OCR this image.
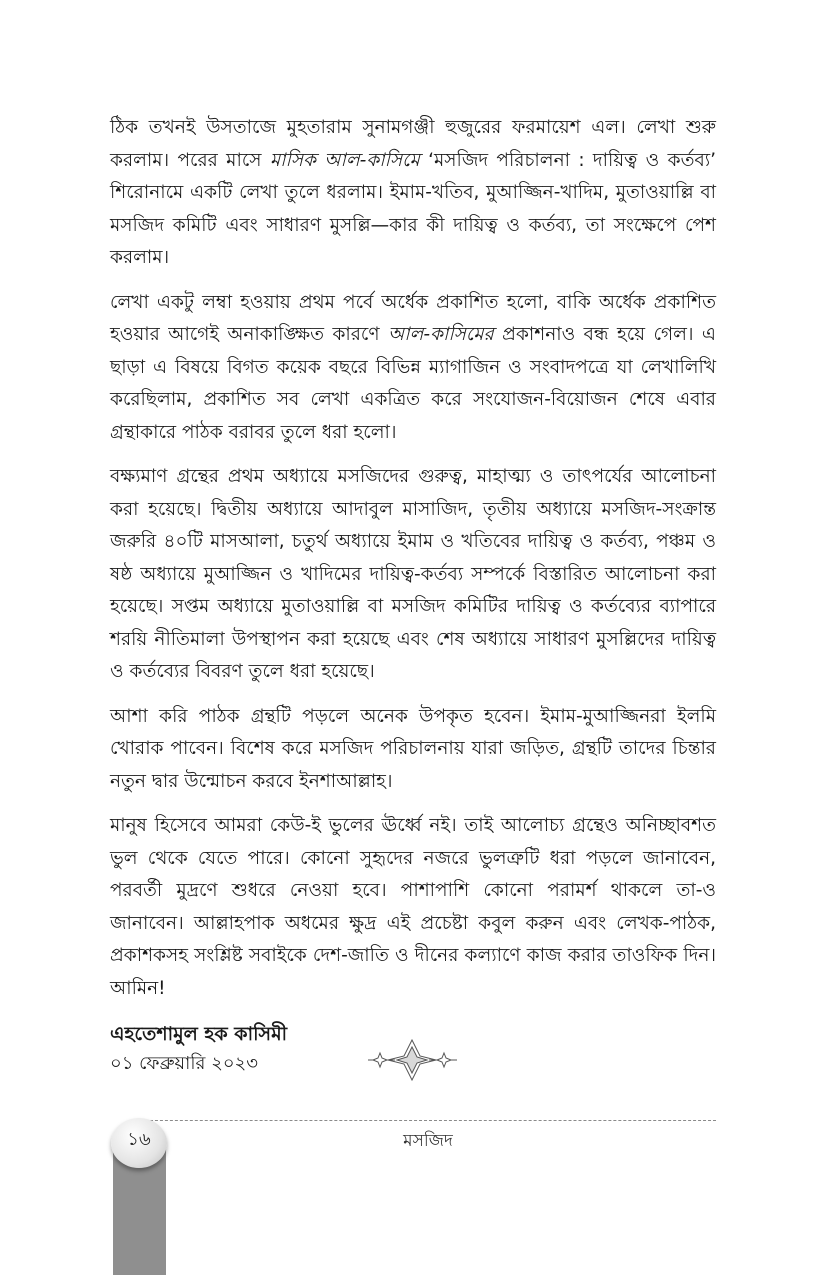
ঠিক তখনই উসতাজে মুহতারাম সুনামগঞ্জী হুজুরের ফরমায়েশ এল। লেখা শুরু করলাম। পরের মাসে মাসিক আল-কাসিমে ‘মসজিদ পরিচালনা : দায়িত্ব ও কর্তব্য’ শিরোনামে একটি লেখা তুলে ধরলাম। ইমাম-খতিব, মুআজ্জিন-খাদিম, মুতাওয়াল্লি বা মসজিদ কমিটি এবং সাধারণ মুসল্লি—কার কী দায়িত্ব ও কর্তব্য, তা সংক্ষেপে পেশ করলাম।

লেখা একটু লম্বা হওয়ায় প্রথম পর্বে অর্ধেক প্রকাশিত হলো, বাকি অর্ধেক প্রকাশিত হওয়ার আগেই অনাকাঙ্ক্ষিত কারণে আল-কাসিমের প্রকাশনাও বন্ধ হয়ে গেল। এ ছাড়া এ বিষয়ে বিগত কয়েক বছরে বিভিন্ন ম্যাগাজিন ও সংবাদপত্রে যা লেখালিখি করেছিলাম, প্রকাশিত সব লেখা একত্রিত করে সংযোজন-বিয়োজন শেষে এবার গ্রন্থাকারে পাঠক বরাবর তুলে ধরা হলো।

বক্ষ্যমাণ গ্রন্থের প্রথম অধ্যায়ে মসজিদের গুরুত্ব, মাহাত্ম্য ও তাৎপর্যের আলোচনা করা হয়েছে। দ্বিতীয় অধ্যায়ে আদাবুল মাসাজিদ, তৃতীয় অধ্যায়ে মসজিদ-সংক্রান্ত জরুরি ৪০টি মাসআলা, চতুর্থ অধ্যায়ে ইমাম ও খতিবের দায়িত্ব ও কর্তব্য, পঞ্চম ও ষষ্ঠ অধ্যায়ে মুআজ্জিন ও খাদিমের দায়িত্ব-কর্তব্য সম্পর্কে বিস্তারিত আলোচনা করা হয়েছে। সপ্তম অধ্যায়ে মুতাওয়াল্লি বা মসজিদ কমিটির দায়িত্ব ও কর্তব্যের ব্যাপারে শরয়ি নীতিমালা উপস্থাপন করা হয়েছে এবং শেষ অধ্যায়ে সাধারণ মুসল্লিদের দায়িত্ব ও কর্তব্যের বিবরণ তুলে ধরা হয়েছে।

আশা করি পাঠক গ্রন্থটি পড়লে অনেক উপকৃত হবেন। ইমাম-মুআজ্জিনরা ইলমি খোরাক পাবেন। বিশেষ করে মসজিদ পরিচালনায় যারা জড়িত, গ্রন্থটি তাদের চিন্তার নতুন দ্বার উন্মোচন করবে ইনশাআল্লাহ।

মানুষ হিসেবে আমরা কেউ-ই ভুলের ঊর্ধ্বে নই। তাই আলোচ্য গ্রন্থেও অনিচ্ছাবশত ভুল থেকে যেতে পারে। কোনো সুহৃদের নজরে ভুলত্রুটি ধরা পড়লে জানাবেন, পরবর্তী মুদ্রণে শুধরে নেওয়া হবে। পাশাপাশি কোনো পরামর্শ থাকলে তা-ও জানাবেন। আল্লাহপাক অধমের ক্ষুদ্র এই প্রচেষ্টা কবুল করুন এবং লেখক-পাঠক, প্রকাশকসহ সংশ্লিষ্ট সবাইকে দেশ-জাতি ও দীনের কল্যাণে কাজ করার তাওফিক দিন। আমিন!

এহতেশামুল হক কাসিমী
০১ ফেব্রুয়ারি ২০২৩
মসজিদ
১৬
